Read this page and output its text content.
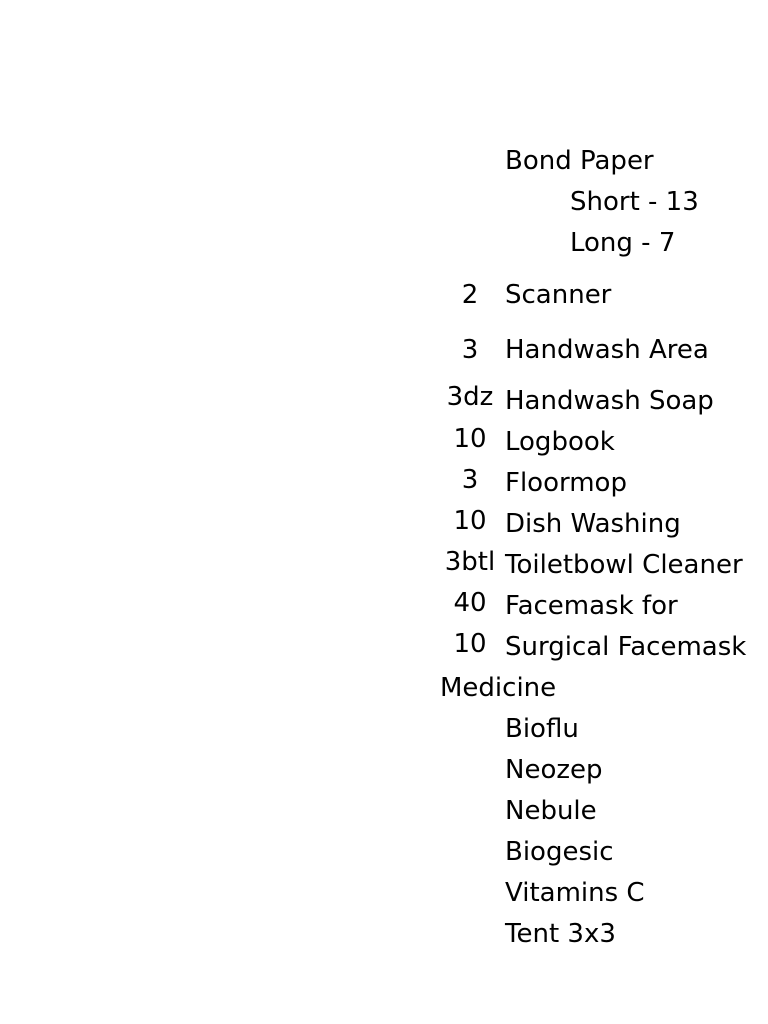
Bond Paper
Short - 13
Long - 7
2	Scanner
3	Handwash Area
3dz Handwash Soap
10 Logbook
3	Floormop
10 Dish Washing
3btl Toiletbowl Cleaner
40 Facemask for
10 Surgical Facemask
Medicine
Bioflu
Neozep
Nebule
Biogesic
Vitamins C
Tent 3x3
